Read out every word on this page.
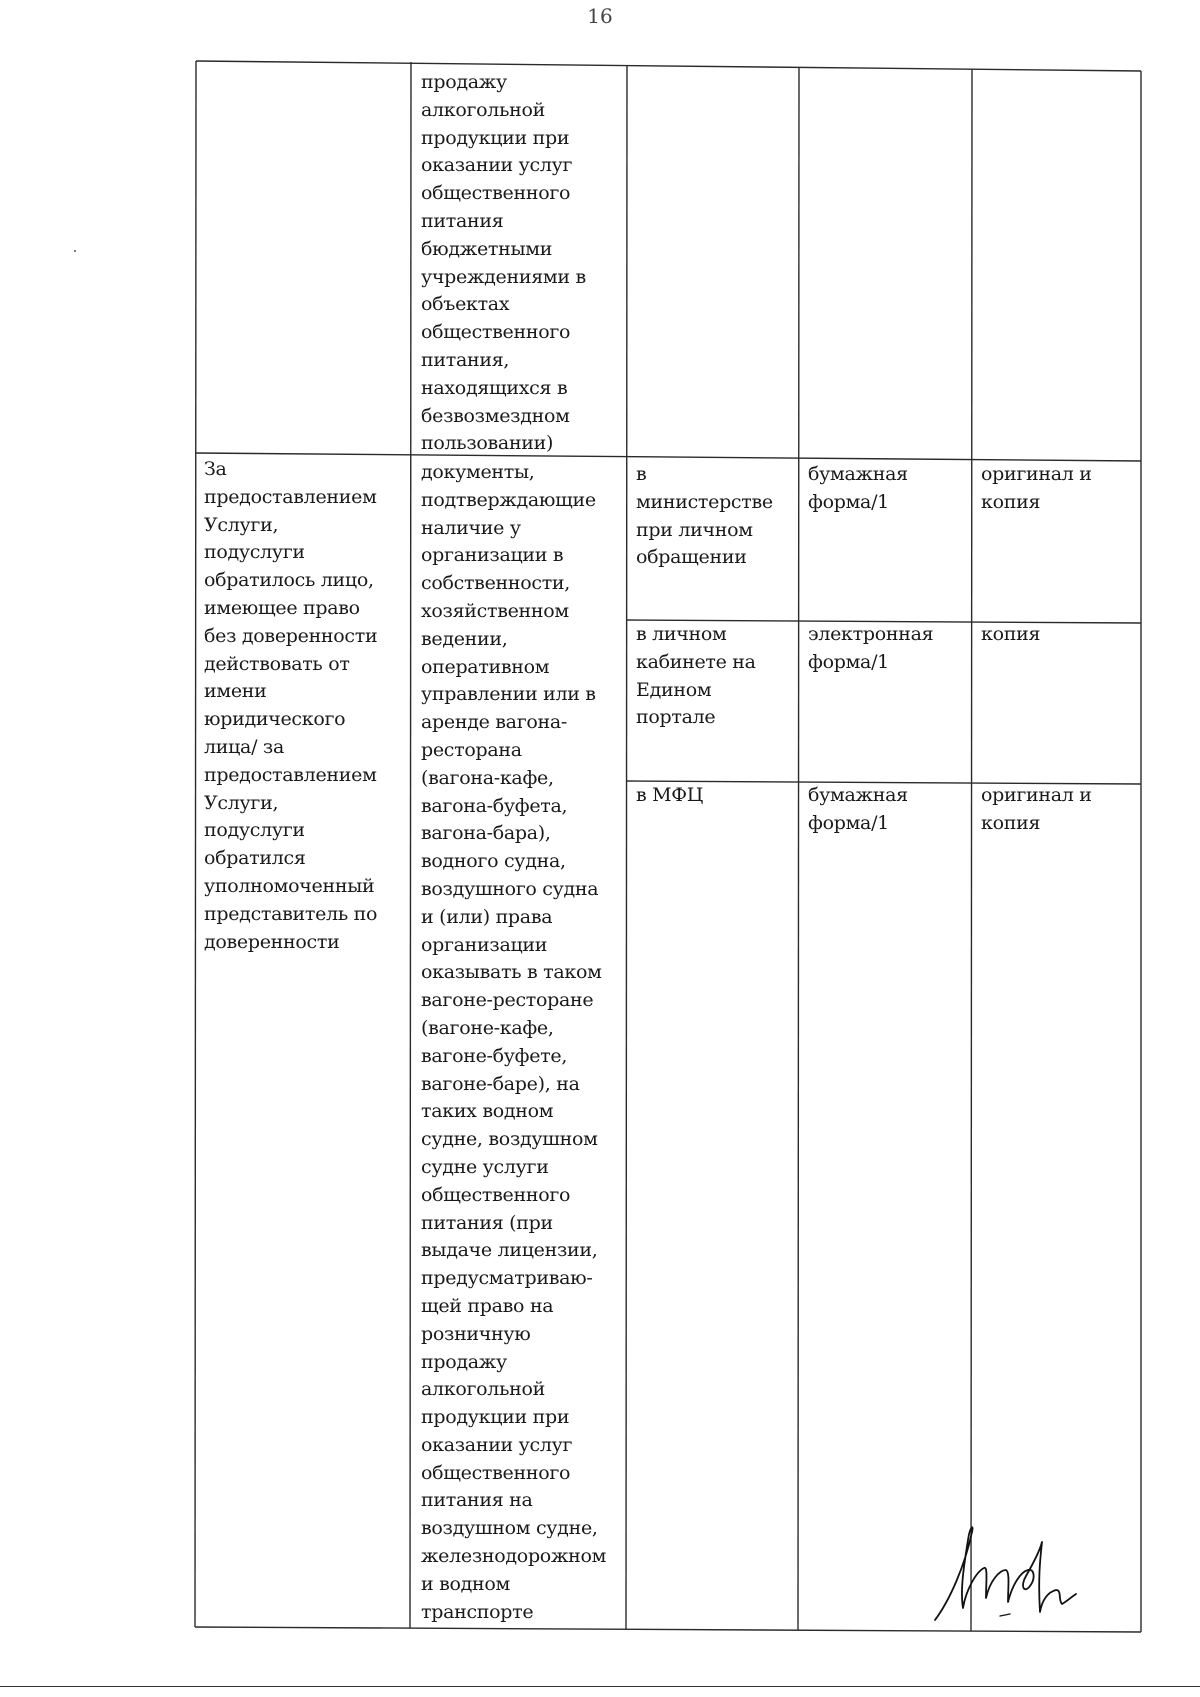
16
продажу
алкогольной
продукции при
оказании услуг
общественного
питания
бюджетными
учреждениями в
объектах
общественного
питания,
находящихся в
безвозмездном
пользовании)
За
предоставлением
Услуги,
подуслуги
обратилось лицо,
имеющее право
без доверенности
действовать от
имени
юридического
лица/ за
предоставлением
Услуги,
подуслуги
обратился
уполномоченный
представитель по
доверенности
документы,
подтверждающие
наличие у
организации в
собственности,
хозяйственном
ведении,
оперативном
управлении или в
аренде вагона-
ресторана
(вагона-кафе,
вагона-буфета,
вагона-бара),
водного судна,
воздушного судна
и (или) права
организации
оказывать в таком
вагоне-ресторане
(вагоне-кафе,
вагоне-буфете,
вагоне-баре), на
таких водном
судне, воздушном
судне услуги
общественного
питания (при
выдаче лицензии,
предусматриваю-
щей право на
розничную
продажу
алкогольной
продукции при
оказании услуг
общественного
питания на
воздушном судне,
железнодорожном
и водном
транспорте
в
министерстве
при личном
обращении
бумажная
форма/1
оригинал и
копия
в личном
кабинете на
Едином
портале
электронная
форма/1
копия
в МФЦ	бумажная
форма/1
оригинал и
копия
